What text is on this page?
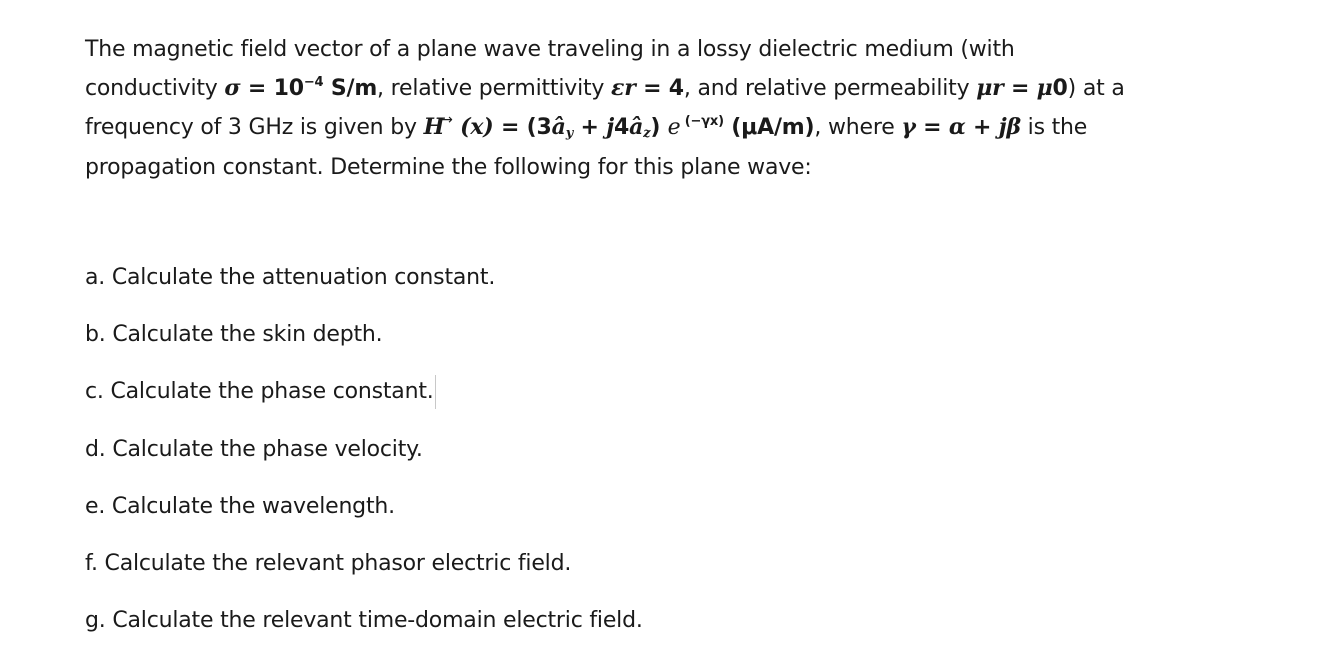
The magnetic field vector of a plane wave traveling in a lossy dielectric medium (with
conductivity $\sigma = 10^{-4}$ S/m, relative permittivity εr = 4, and relative permeability μr = μ0) at a
frequency of 3 GHz is given by H→ $(x) = (3â_y$ + $j4â_z$) e $^{(-\gamma x)}$ (μA/m), where γ = α + jβ is the
propagation constant. Determine the following for this plane wave:
a. Calculate the attenuation constant.
b. Calculate the skin depth.
c. Calculate the phase constant.
d. Calculate the phase velocity.
e. Calculate the wavelength.
f. Calculate the relevant phasor electric field.
g. Calculate the relevant time-domain electric field.
